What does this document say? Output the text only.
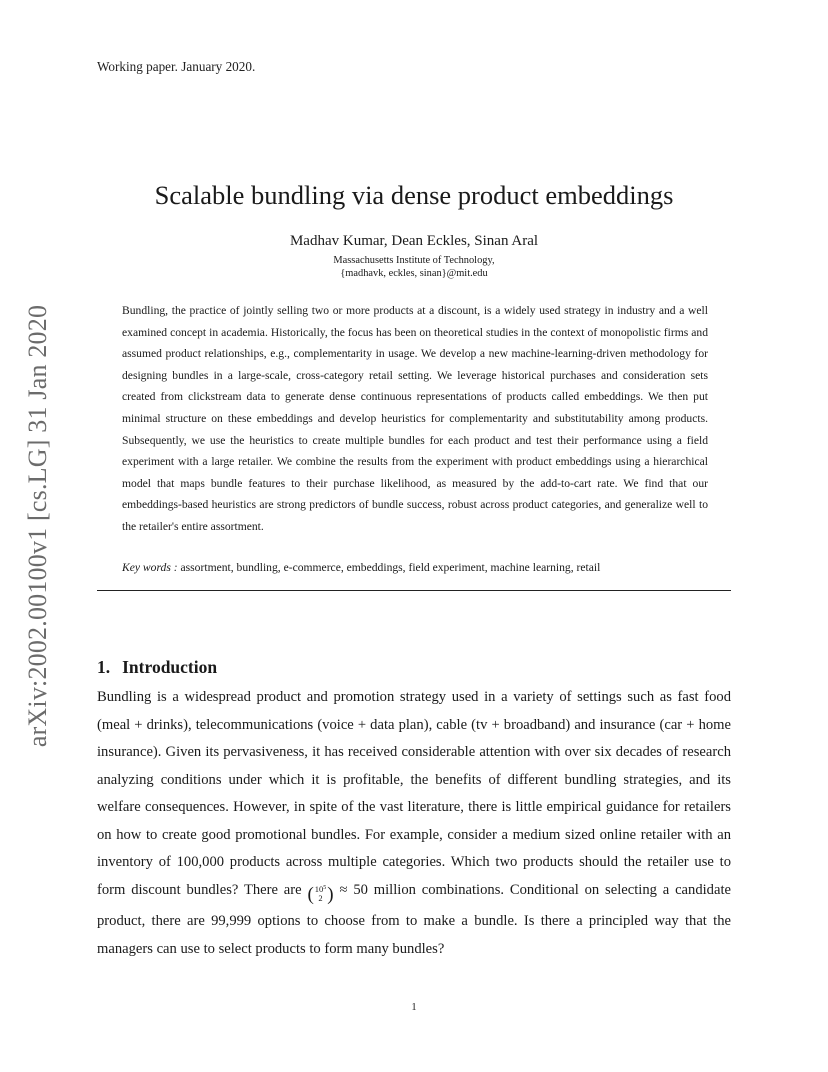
Working paper. January 2020.
arXiv:2002.00100v1 [cs.LG] 31 Jan 2020
Scalable bundling via dense product embeddings
Madhav Kumar, Dean Eckles, Sinan Aral
Massachusetts Institute of Technology,
{madhavk, eckles, sinan}@mit.edu

Bundling, the practice of jointly selling two or more products at a discount, is a widely used strategy in industry and a well examined concept in academia. Historically, the focus has been on theoretical studies in the context of monopolistic firms and assumed product relationships, e.g., complementarity in usage. We develop a new machine-learning-driven methodology for designing bundles in a large-scale, cross-category retail setting. We leverage historical purchases and consideration sets created from clickstream data to generate dense continuous representations of products called embeddings. We then put minimal structure on these embeddings and develop heuristics for complementarity and substitutability among products. Subsequently, we use the heuristics to create multiple bundles for each product and test their performance using a field experiment with a large retailer. We combine the results from the experiment with product embeddings using a hierarchical model that maps bundle features to their purchase likelihood, as measured by the add-to-cart rate. We find that our embeddings-based heuristics are strong predictors of bundle success, robust across product categories, and generalize well to the retailer's entire assortment.

Key words : assortment, bundling, e-commerce, embeddings, field experiment, machine learning, retail
1. Introduction

Bundling is a widespread product and promotion strategy used in a variety of settings such as fast food (meal + drinks), telecommunications (voice + data plan), cable (tv + broadband) and insurance (car + home insurance). Given its pervasiveness, it has received considerable attention with over six decades of research analyzing conditions under which it is profitable, the benefits of different bundling strategies, and its welfare consequences. However, in spite of the vast literature, there is little empirical guidance for retailers on how to create good promotional bundles. For example, consider a medium sized online retailer with an inventory of 100,000 products across multiple categories. Which two products should the retailer use to form discount bundles? There are ($10^5$
2 ) ≈ 50 million combinations. Conditional on selecting a candidate product, there are 99,999 options to choose from to make a bundle. Is there a principled way that the managers can use to select products to form many bundles?

1
